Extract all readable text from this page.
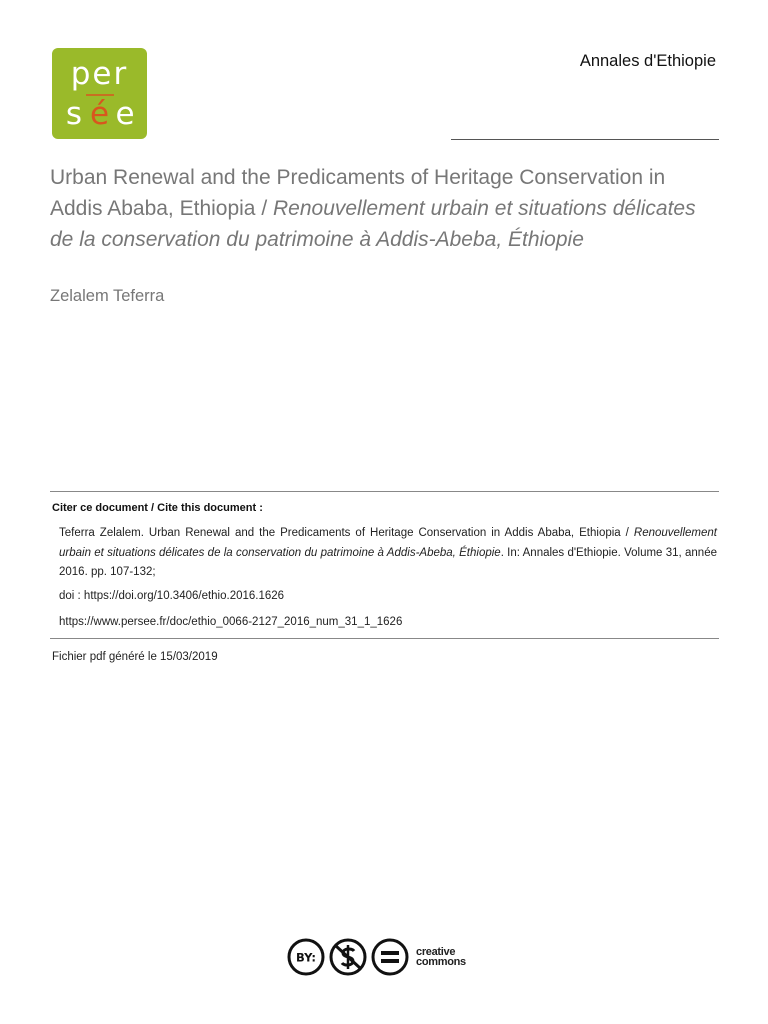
per
s é e
Annales d'Ethiopie
Urban Renewal and the Predicaments of Heritage Conservation in Addis Ababa, Ethiopia / Renouvellement urbain et situations délicates de la conservation du patrimoine à Addis-Abeba, Éthiopie
Zelalem Teferra
Citer ce document / Cite this document :
Teferra Zelalem. Urban Renewal and the Predicaments of Heritage Conservation in Addis Ababa, Ethiopia / Renouvellement urbain et situations délicates de la conservation du patrimoine à Addis-Abeba, Éthiopie. In: Annales d'Ethiopie. Volume 31, année 2016. pp. 107-132;
doi : https://doi.org/10.3406/ethio.2016.1626
https://www.persee.fr/doc/ethio_0066-2127_2016_num_31_1_1626
Fichier pdf généré le 15/03/2019
BY:	creative
commons
